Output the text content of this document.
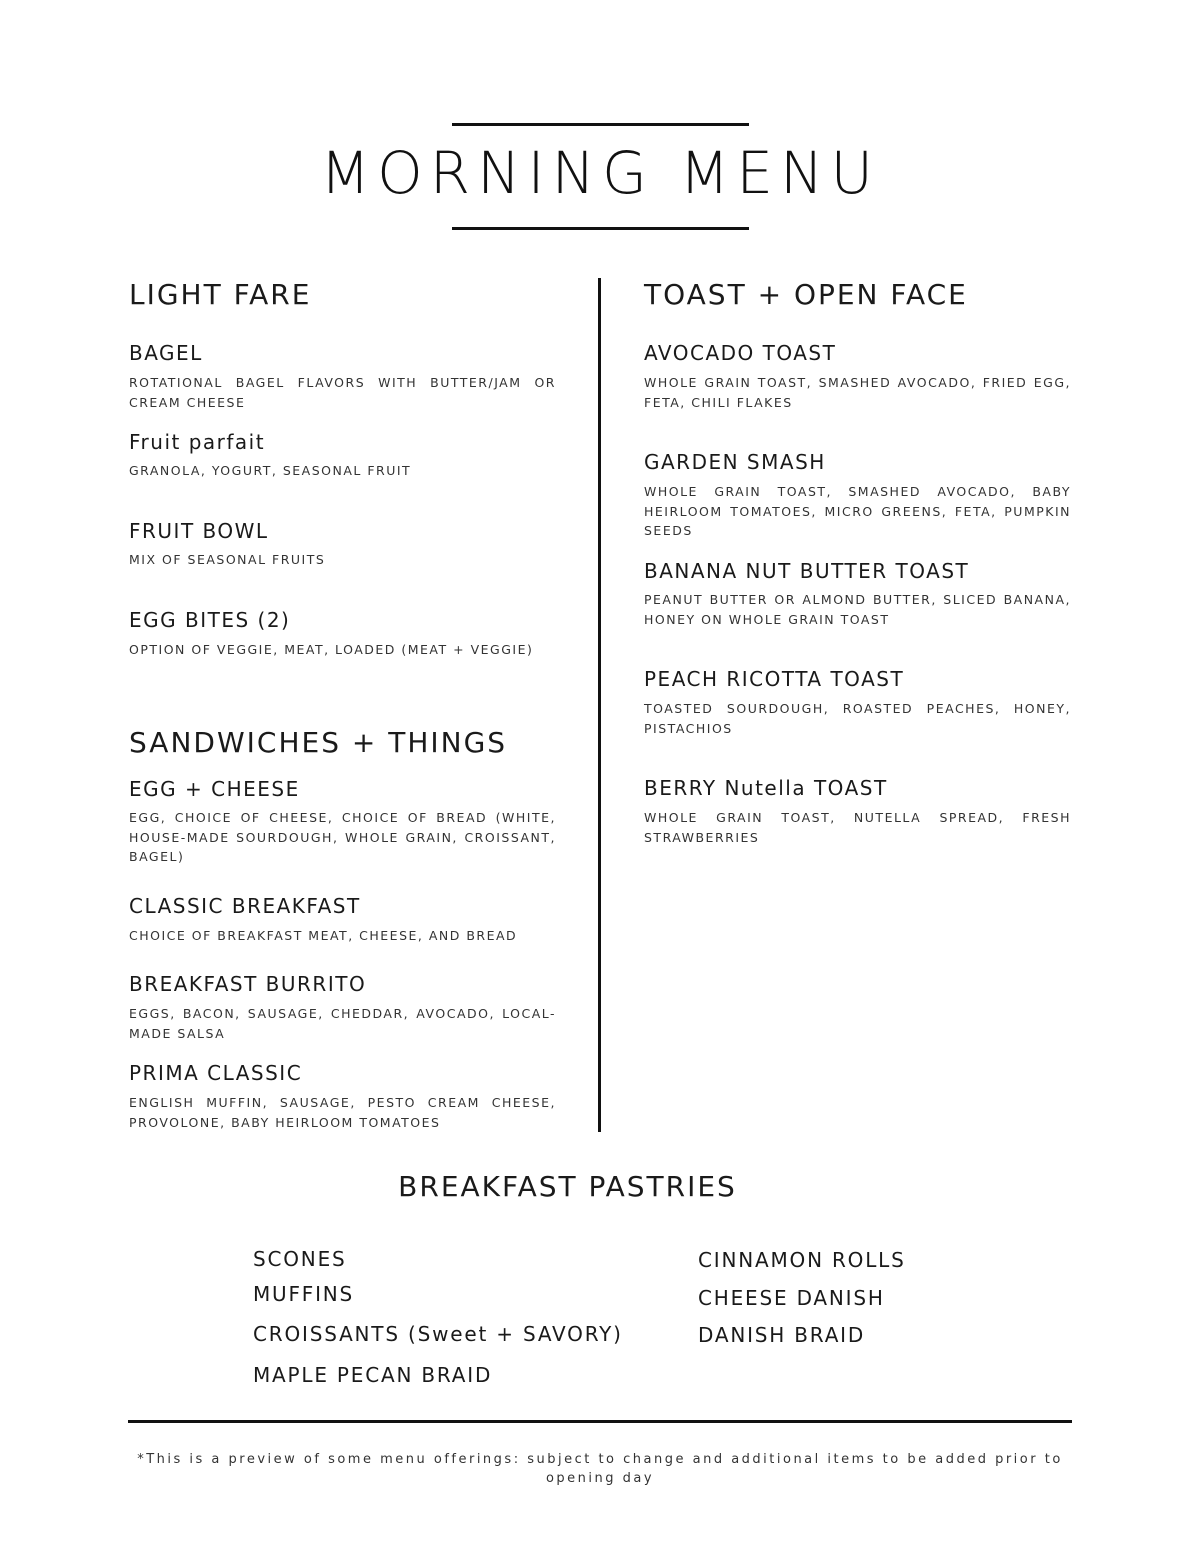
MORNING MENU
LIGHT FARE
BAGEL
ROTATIONAL BAGEL FLAVORS WITH BUTTER/JAM OR CREAM CHEESE
Fruit parfait
GRANOLA, YOGURT, SEASONAL FRUIT
FRUIT BOWL
MIX OF SEASONAL FRUITS
EGG BITES (2)
OPTION OF VEGGIE, MEAT, LOADED (MEAT + VEGGIE)
SANDWICHES + THINGS
EGG + CHEESE
EGG, CHOICE OF CHEESE, CHOICE OF BREAD (WHITE, HOUSE-MADE SOURDOUGH, WHOLE GRAIN, CROISSANT, BAGEL)
CLASSIC BREAKFAST
CHOICE OF BREAKFAST MEAT, CHEESE, AND BREAD
BREAKFAST BURRITO
EGGS, BACON, SAUSAGE, CHEDDAR, AVOCADO, LOCAL-MADE SALSA
PRIMA CLASSIC
ENGLISH MUFFIN, SAUSAGE, PESTO CREAM CHEESE, PROVOLONE, BABY HEIRLOOM TOMATOES
TOAST + OPEN FACE
AVOCADO TOAST
WHOLE GRAIN TOAST, SMASHED AVOCADO, FRIED EGG, FETA, CHILI FLAKES
GARDEN SMASH
WHOLE GRAIN TOAST, SMASHED AVOCADO, BABY HEIRLOOM TOMATOES, MICRO GREENS, FETA, PUMPKIN SEEDS
BANANA NUT BUTTER TOAST
PEANUT BUTTER OR ALMOND BUTTER, SLICED BANANA, HONEY ON WHOLE GRAIN TOAST
PEACH RICOTTA TOAST
TOASTED SOURDOUGH, ROASTED PEACHES, HONEY, PISTACHIOS
BERRY Nutella TOAST
WHOLE GRAIN TOAST, NUTELLA SPREAD, FRESH STRAWBERRIES
BREAKFAST PASTRIES
SCONES
MUFFINS
CROISSANTS (Sweet + SAVORY)
MAPLE PECAN BRAID
CINNAMON ROLLS
CHEESE DANISH
DANISH BRAID
*This is a preview of some menu offerings: subject to change and additional items to be added prior to opening day
